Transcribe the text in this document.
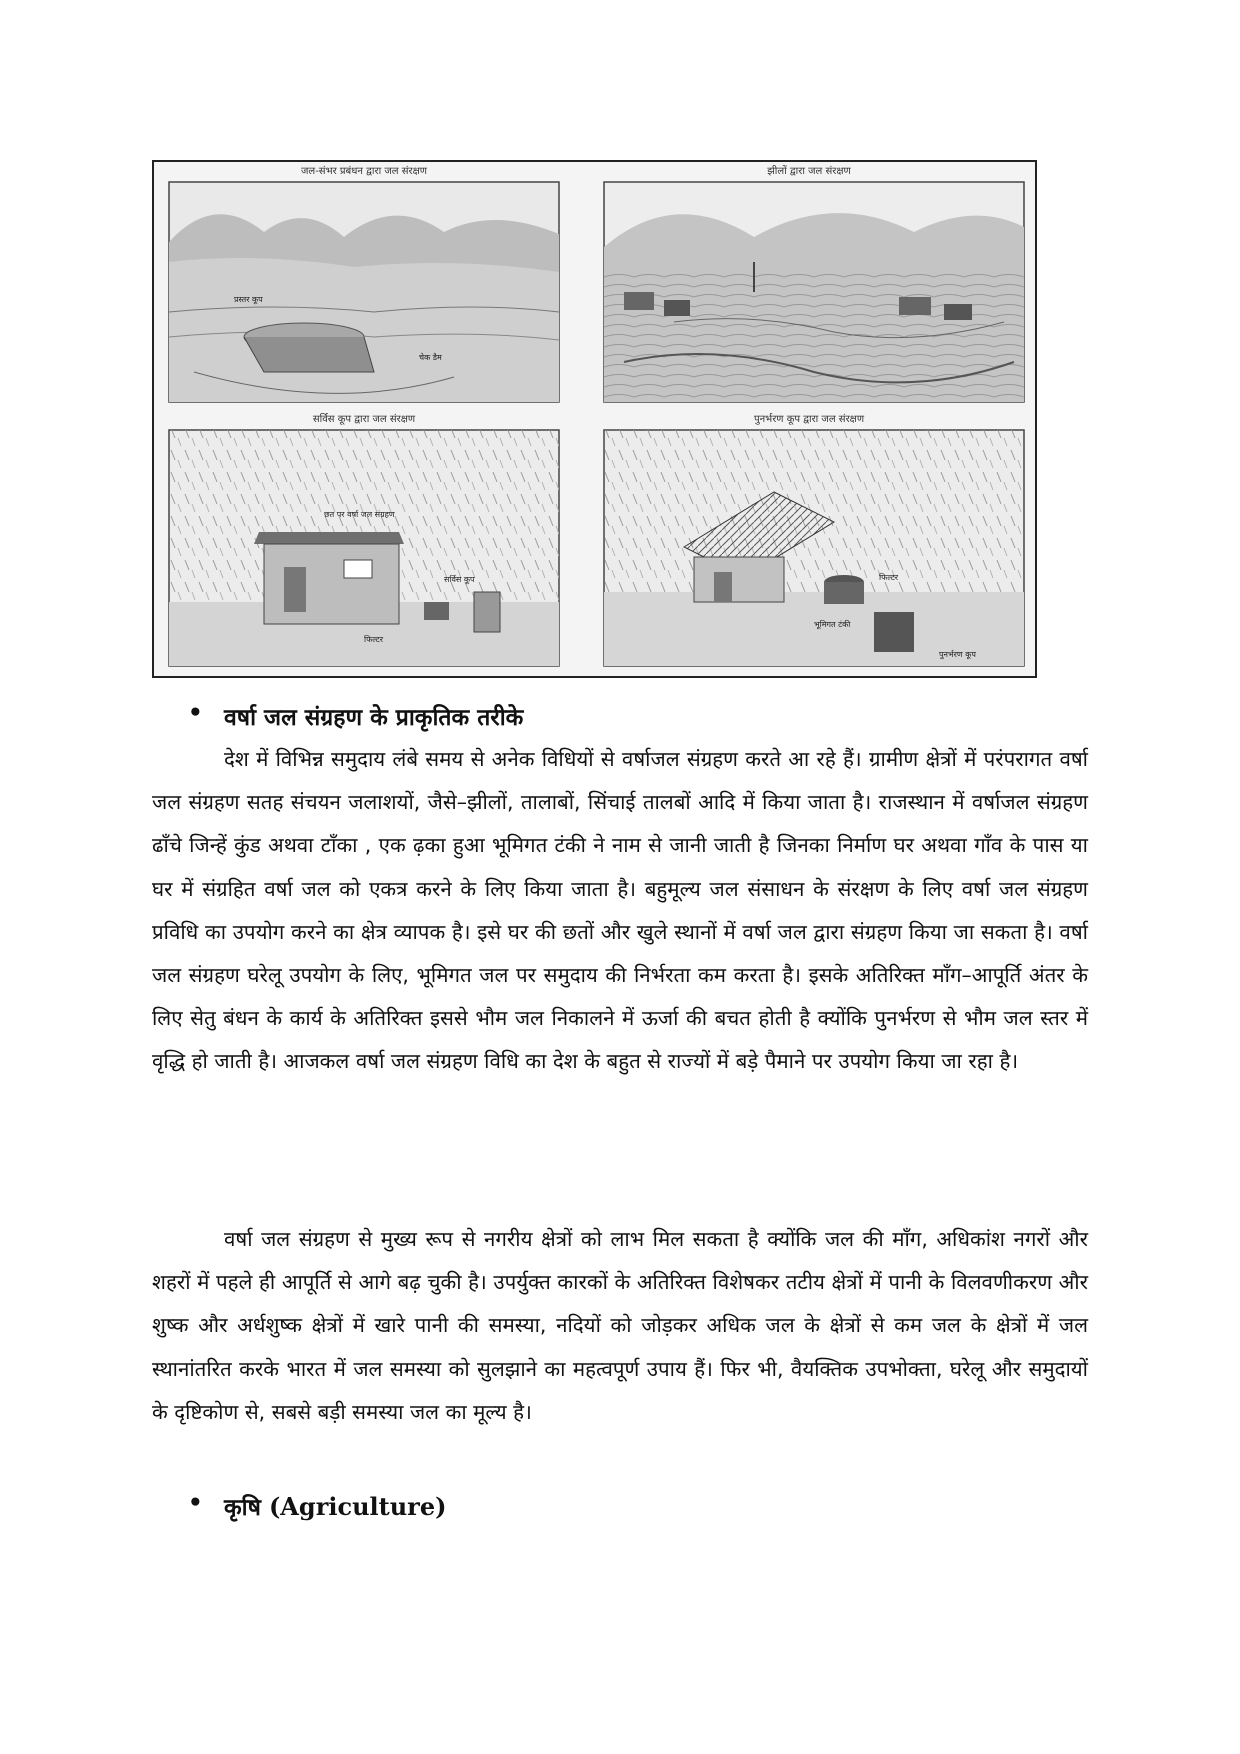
जल-संभर प्रबंधन द्वारा जल संरक्षण
प्रस्तर कूप
चेक डैम
झीलों द्वारा जल संरक्षण
सर्विस कूप द्वारा जल संरक्षण
छत पर वर्षा जल संग्रहण
सर्विस कूप
फिल्टर
पुनर्भरण कूप द्वारा जल संरक्षण
फिल्टर
भूमिगत टंकी
पुनर्भरण कूप
• वर्षा जल संग्रहण के प्राकृतिक तरीके

देश में विभिन्न समुदाय लंबे समय से अनेक विधियों से वर्षाजल संग्रहण करते आ रहे हैं। ग्रामीण क्षेत्रों में परंपरागत वर्षा जल संग्रहण सतह संचयन जलाशयों, जैसे–झीलों, तालाबों, सिंचाई तालबों आदि में किया जाता है। राजस्थान में वर्षाजल संग्रहण ढाँचे जिन्हें कुंड अथवा टाँका , एक ढ़का हुआ भूमिगत टंकी ने नाम से जानी जाती है जिनका निर्माण घर अथवा गाँव के पास या घर में संग्रहित वर्षा जल को एकत्र करने के लिए किया जाता है। बहुमूल्य जल संसाधन के संरक्षण के लिए वर्षा जल संग्रहण प्रविधि का उपयोग करने का क्षेत्र व्यापक है। इसे घर की छतों और खुले स्थानों में वर्षा जल द्वारा संग्रहण किया जा सकता है। वर्षा जल संग्रहण घरेलू उपयोग के लिए, भूमिगत जल पर समुदाय की निर्भरता कम करता है। इसके अतिरिक्त माँग–आपूर्ति अंतर के लिए सेतु बंधन के कार्य के अतिरिक्त इससे भौम जल निकालने में ऊर्जा की बचत होती है क्योंकि पुनर्भरण से भौम जल स्तर में वृद्धि हो जाती है। आजकल वर्षा जल संग्रहण विधि का देश के बहुत से राज्यों में बड़े पैमाने पर उपयोग किया जा रहा है।

वर्षा जल संग्रहण से मुख्य रूप से नगरीय क्षेत्रों को लाभ मिल सकता है क्योंकि जल की माँग, अधिकांश नगरों और शहरों में पहले ही आपूर्ति से आगे बढ़ चुकी है। उपर्युक्त कारकों के अतिरिक्त विशेषकर तटीय क्षेत्रों में पानी के विलवणीकरण और शुष्क और अर्धशुष्क क्षेत्रों में खारे पानी की समस्या, नदियों को जोड़कर अधिक जल के क्षेत्रों से कम जल के क्षेत्रों में जल स्थानांतरित करके भारत में जल समस्या को सुलझाने का महत्वपूर्ण उपाय हैं। फिर भी, वैयक्तिक उपभोक्ता, घरेलू और समुदायों के दृष्टिकोण से, सबसे बड़ी समस्या जल का मूल्य है।

• कृषि (Agriculture)
